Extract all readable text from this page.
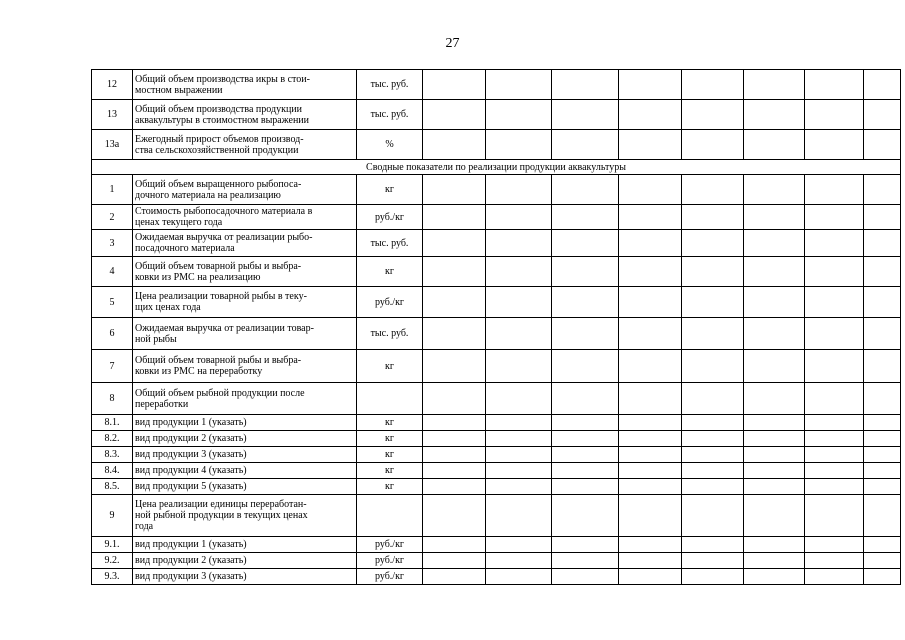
27
12	Общий объем производства икры в стои-
мостном выражении	тыс. руб.								
13	Общий объем производства продукции
аквакультуры в стоимостном выражении	тыс. руб.								
13а	Ежегодный прирост объемов производ-
ства сельскохозяйственной продукции	%								
Сводные показатели по реализации продукции аквакультуры										
1	Общий объем выращенного рыбопоса-
дочного материала на реализацию	кг								
2	Стоимость рыбопосадочного материала в
ценах текущего года	руб./кг								
3	Ожидаемая выручка от реализации рыбо-
посадочного материала	тыс. руб.								
4	Общий объем товарной рыбы и выбра-
ковки из РМС на реализацию	кг								
5	Цена реализации товарной рыбы в теку-
щих ценах года	руб./кг								
6	Ожидаемая выручка от реализации товар-
ной рыбы	тыс. руб.								
7	Общий объем товарной рыбы и выбра-
ковки из РМС на переработку	кг								
8	Общий объем рыбной продукции после
переработки									
8.1.	вид продукции 1 (указать)	кг								
8.2.	вид продукции 2 (указать)	кг								
8.3.	вид продукции 3 (указать)	кг								
8.4.	вид продукции 4 (указать)	кг								
8.5.	вид продукции 5 (указать)	кг								
9	Цена реализации единицы переработан-
ной рыбной продукции в текущих ценах
года									
9.1.	вид продукции 1 (указать)	руб./кг								
9.2.	вид продукции 2 (указать)	руб./кг								
9.3.	вид продукции 3 (указать)	руб./кг								
